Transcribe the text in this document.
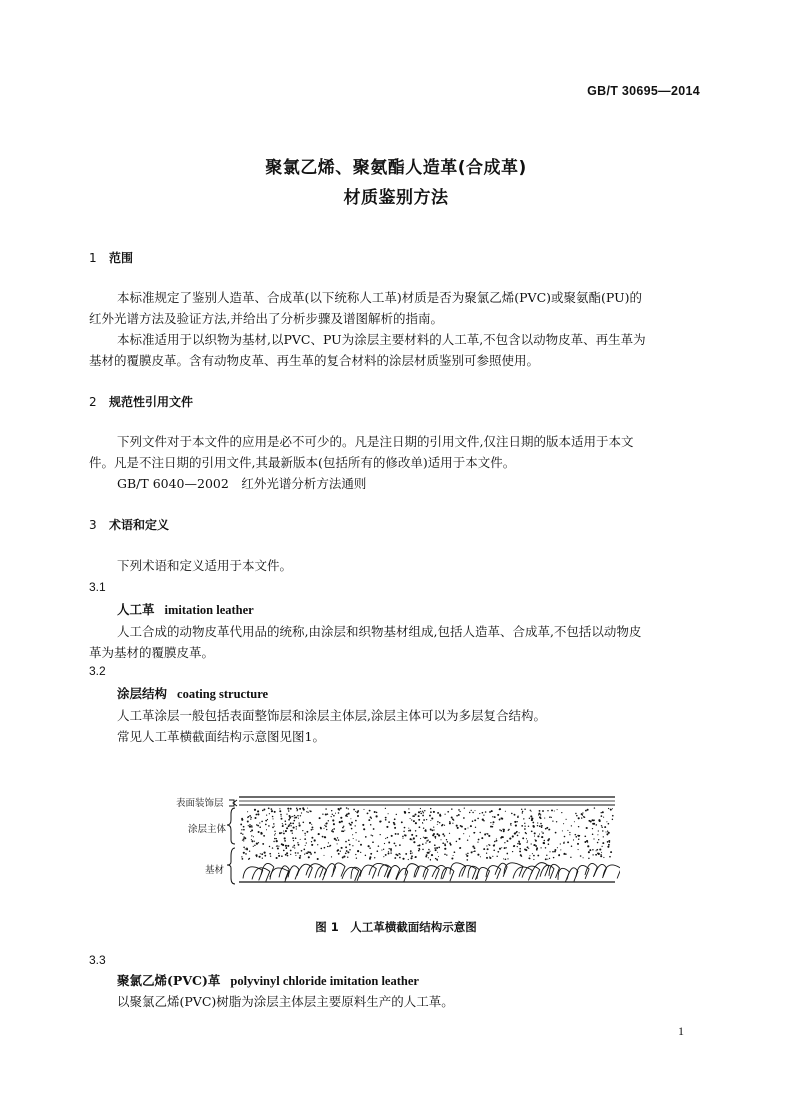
GB/T 30695—2014
聚氯乙烯、聚氨酯人造革(合成革)
材质鉴别方法
1 范围
本标准规定了鉴别人造革、合成革(以下统称人工革)材质是否为聚氯乙烯(PVC)或聚氨酯(PU)的
红外光谱方法及验证方法,并给出了分析步骤及谱图解析的指南。
本标准适用于以织物为基材,以PVC、PU为涂层主要材料的人工革,不包含以动物皮革、再生革为
基材的覆膜皮革。含有动物皮革、再生革的复合材料的涂层材质鉴别可参照使用。
2 规范性引用文件
下列文件对于本文件的应用是必不可少的。凡是注日期的引用文件,仅注日期的版本适用于本文
件。凡是不注日期的引用文件,其最新版本(包括所有的修改单)适用于本文件。
GB/T 6040—2002　红外光谱分析方法通则
3 术语和定义
下列术语和定义适用于本文件。
3.1
人工革 imitation leather
人工合成的动物皮革代用品的统称,由涂层和织物基材组成,包括人造革、合成革,不包括以动物皮
革为基材的覆膜皮革。
3.2
涂层结构 coating structure
人工革涂层一般包括表面整饰层和涂层主体层,涂层主体可以为多层复合结构。
常见人工革横截面结构示意图见图1。
表面装饰层
涂层主体
基材
图 1　人工革横截面结构示意图
3.3
聚氯乙烯(PVC)革 polyvinyl chloride imitation leather
以聚氯乙烯(PVC)树脂为涂层主体层主要原料生产的人工革。
1
